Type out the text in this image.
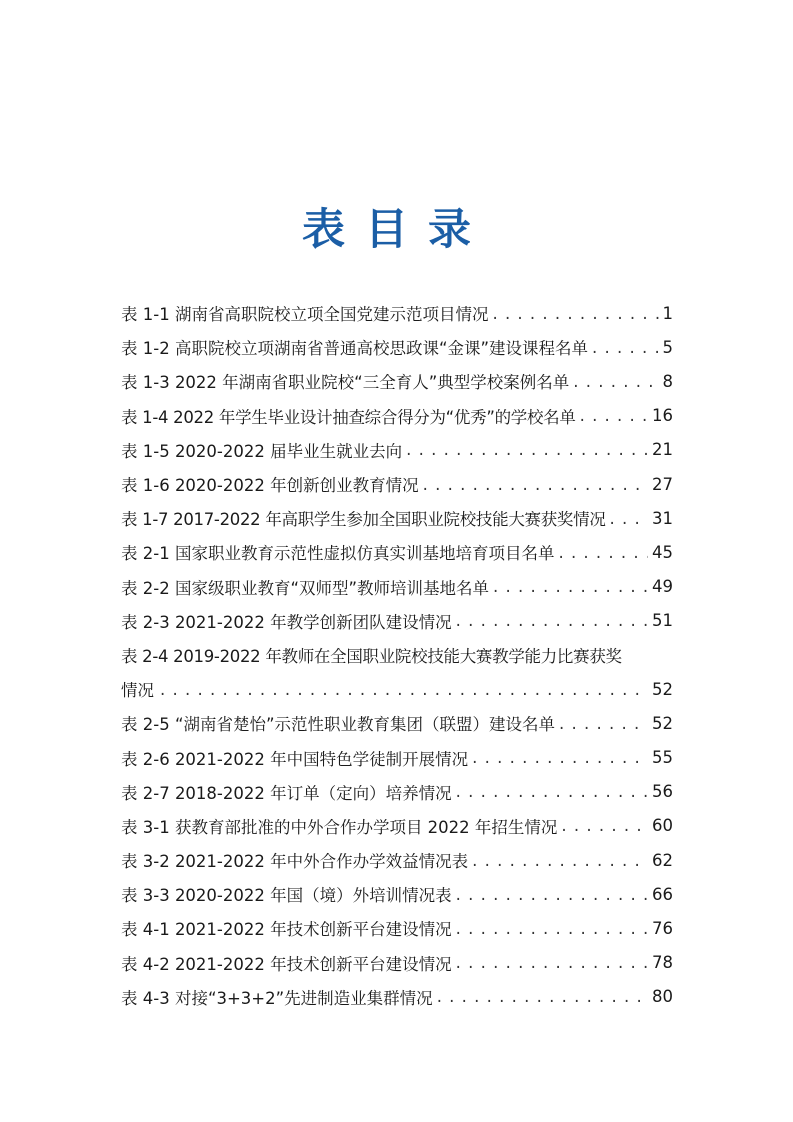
表目录
表 1-1 湖南省高职院校立项全国党建示范项目情况 . . .	1
表 1-2 高职院校立项湖南省普通高校思政课“金课”建设课程名单 . . .	5
表 1-3 2022 年湖南省职业院校“三全育人”典型学校案例名单 . . .	8
表 1-4 2022 年学生毕业设计抽查综合得分为“优秀”的学校名单 . . .	16
表 1-5 2020-2022 届毕业生就业去向 . . .	21
表 1-6 2020-2022 年创新创业教育情况 . . .	27
表 1-7 2017-2022 年高职学生参加全国职业院校技能大赛获奖情况 . . .	31
表 2-1 国家职业教育示范性虚拟仿真实训基地培育项目名单 . . .	45
表 2-2 国家级职业教育“双师型”教师培训基地名单 . . .	49
表 2-3 2021-2022 年教学创新团队建设情况 . . .	51
表 2-4 2019-2022 年教师在全国职业院校技能大赛教学能力比赛获奖
情况 . . .	52
表 2-5 “湖南省楚怡”示范性职业教育集团（联盟）建设名单 . . .	52
表 2-6 2021-2022 年中国特色学徒制开展情况 . . .	55
表 2-7 2018-2022 年订单（定向）培养情况 . . .	56
表 3-1 获教育部批准的中外合作办学项目 2022 年招生情况 . . .	60
表 3-2 2021-2022 年中外合作办学效益情况表 . . .	62
表 3-3 2020-2022 年国（境）外培训情况表 . . .	66
表 4-1 2021-2022 年技术创新平台建设情况 . . .	76
表 4-2 2021-2022 年技术创新平台建设情况 . . .	78
表 4-3 对接“3+3+2”先进制造业集群情况 . . .	80
